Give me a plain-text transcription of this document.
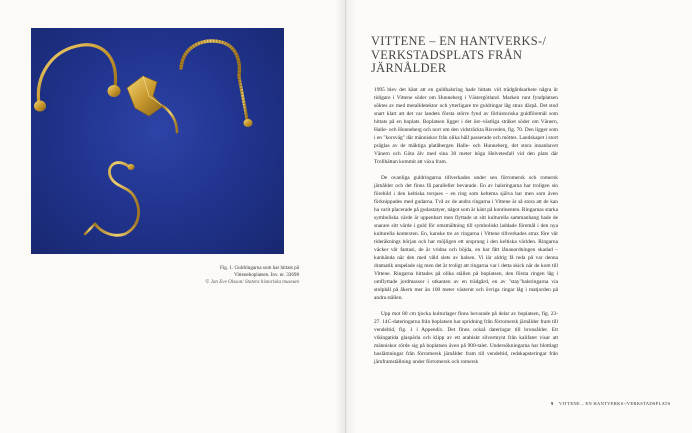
Fig. 1. Guldringarna som har hittats på
Vitteneboplatsen. Inv. nr. 33698
© Jan Eve Olsson/ Statens historiska museum
VITTENE – EN HANTVERKS-/
VERKSTADSPLATS FRÅN
JÄRNÅLDER

1995 blev det känt att en guldhalsring hade hittats vid trädgårdsarbete några år tidigare i Vittene söder om Hunneberg i Västergötland. Marken runt fyndplatsen söktes av med metalldetektor och ytterligare tre guldringar låg strax därpå. Det stod snart klart att det var landets första större fynd av förhistoriska guldföremål som hittats på en boplats. Boplatsen ligger i det öst–västliga stråket söder om Vänern, Halle- och Hunneberg och norr om den vidsträckta Risveden, fig. 70. Den ligger som i en "korsväg" där människor från olika håll passerade och möttes. Landskapet i stort präglas av de mäktiga platåbergen Halle- och Hunneberg, det stora innanhavet Vänern och Göta älv med sina 30 meter höga Helvetesfall vid den plats där Trollhättan kommit att växa fram.

De ovanliga guldringarna tillverkades under sen förromersk och romersk järnålder och det finns få paralleller bevarade. En av halsringarna har troligen sin förebild i den keltiska torques – en ring som keltema själva bar men som även förknippades med gudarna. Två av de andra ringarna i Vittene är så stora att de kan ha varit placerade på gudastatyer, något som är känt på kontinenten. Ringarnas starka symboliska värde är uppenbart men flyttade ut sitt kulturella sammanhang hade de snarare sitt värde i guld för omsmältning till symboliskt laddade föremål i den nya kulturella kontexten. En, kanske tre av ringarna i Vittene tillverkades strax före vår tideräknings början och har möjligen ett ursprung i den keltiska världen. Ringarna väcker vår fantasi, de är vridna och böjda, en har fått lånanordningen skadad – kanhända när den med våld slets av halsen. Vi lär aldrig få reda på var denna dramatik utspelade sig men det är troligt att ringarna var i detta skick när de kom till Vittene. Ringarna hittades på olika ställen på boplatsen, den första ringen låg i omflyttade jordmassor i utkanten av en trädgård, en av "stay"halsringarna via stolphål på åkern mer än 100 meter västerut och övriga ringar låg i matjorden på andra ställen.

Upp mot 80 cm tjocka kulturlager finns bevarade på delar av boplatsen, fig. 23-27. 14C-dateringarna från boplatsen har spridning från förromersk järnålder fram till vendeltid, fig. 1 i Appendix. Det finns också dateringar till bronsålder. Ett vikingatida glaspärla och klipp av ett arabiskt silvermynt från kalifatet visar att människor rörde sig på boplatsen även på 900-talet. Undersökningarna har blottlagt huslämningar från förromersk järnålder fram till vendeltid, redskapsteringar från järnframställning under förromersk och romersk

9 VITTENE – EN HANTVERKS-/VERKSTADSPLATS
